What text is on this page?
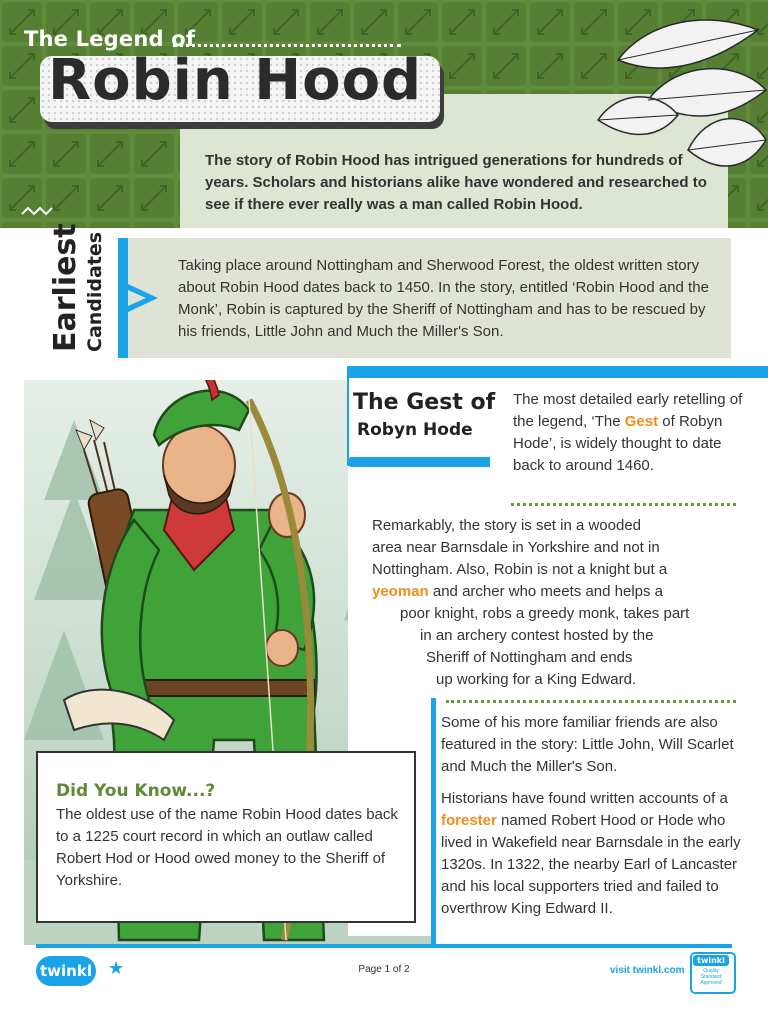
The Legend of
Robin Hood
The story of Robin Hood has intrigued generations for hundreds of years. Scholars and historians alike have wondered and researched to see if there ever really was a man called Robin Hood.
Earliest Candidates	Taking place around Nottingham and Sherwood Forest, the oldest written story about Robin Hood dates back to 1450. In the story, entitled ‘Robin Hood and the Monk’, Robin is captured by the Sheriff of Nottingham and has to be rescued by his friends, Little John and Much the Miller's Son.
The Gest of
Robyn Hode
The most detailed early retelling of the legend, ‘The Gest of Robyn Hode’, is widely thought to date back to around 1460.
Remarkably, the story is set in a wooded
area near Barnsdale in Yorkshire and not in
Nottingham. Also, Robin is not a knight but a
yeoman and archer who meets and helps a
poor knight, robs a greedy monk, takes part
in an archery contest hosted by the
Sheriff of Nottingham and ends
up working for a King Edward.
Some of his more familiar friends are also featured in the story: Little John, Will Scarlet and Much the Miller's Son.
Historians have found written accounts of a forester named Robert Hood or Hode who lived in Wakefield near Barnsdale in the early 1320s. In 1322, the nearby Earl of Lancaster and his local supporters tried and failed to overthrow King Edward II.
Did You Know...?
The oldest use of the name Robin Hood dates back to a 1225 court record in which an outlaw called Robert Hod or Hood owed money to the Sheriff of Yorkshire.
twinkl ★	Page 1 of 2	visit twinkl.com
twinkl
Quality Standard Approved
